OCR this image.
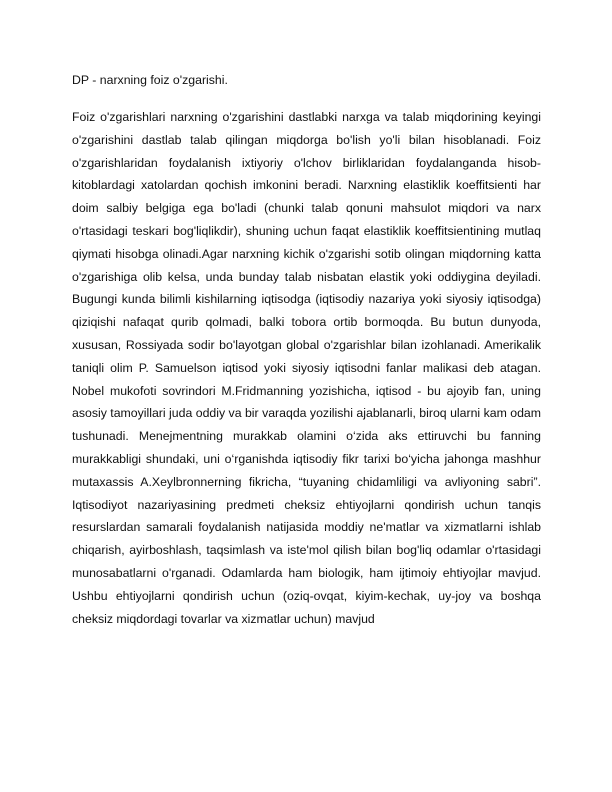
DP - narxning foiz o'zgarishi.

Foiz o'zgarishlari narxning o'zgarishini dastlabki narxga va talab miqdorining keyingi o'zgarishini dastlab talab qilingan miqdorga bo'lish yo'li bilan hisoblanadi. Foiz o'zgarishlaridan foydalanish ixtiyoriy o'lchov birliklaridan foydalanganda hisob-kitoblardagi xatolardan qochish imkonini beradi. Narxning elastiklik koeffitsienti har doim salbiy belgiga ega bo'ladi (chunki talab qonuni mahsulot miqdori va narx o'rtasidagi teskari bog'liqlikdir), shuning uchun faqat elastiklik koeffitsientining mutlaq qiymati hisobga olinadi.Agar narxning kichik o'zgarishi sotib olingan miqdorning katta o'zgarishiga olib kelsa, unda bunday talab nisbatan elastik yoki oddiygina deyiladi. Bugungi kunda bilimli kishilarning iqtisodga (iqtisodiy nazariya yoki siyosiy iqtisodga) qiziqishi nafaqat qurib qolmadi, balki tobora ortib bormoqda. Bu butun dunyoda, xususan, Rossiyada sodir bo'layotgan global o'zgarishlar bilan izohlanadi. Amerikalik taniqli olim P. Samuelson iqtisod yoki siyosiy iqtisodni fanlar malikasi deb atagan. Nobel mukofoti sovrindori M.Fridmanning yozishicha, iqtisod - bu ajoyib fan, uning asosiy tamoyillari juda oddiy va bir varaqda yozilishi ajablanarli, biroq ularni kam odam tushunadi. Menejmentning murakkab olamini o‘zida aks ettiruvchi bu fanning murakkabligi shundaki, uni o‘rganishda iqtisodiy fikr tarixi bo‘yicha jahonga mashhur mutaxassis A.Xeylbronnerning fikricha, “tuyaning chidamliligi va avliyoning sabri”. Iqtisodiyot nazariyasining predmeti cheksiz ehtiyojlarni qondirish uchun tanqis resurslardan samarali foydalanish natijasida moddiy ne'matlar va xizmatlarni ishlab chiqarish, ayirboshlash, taqsimlash va iste'mol qilish bilan bog'liq odamlar o'rtasidagi munosabatlarni o'rganadi. Odamlarda ham biologik, ham ijtimoiy ehtiyojlar mavjud. Ushbu ehtiyojlarni qondirish uchun (oziq-ovqat, kiyim-kechak, uy-joy va boshqa cheksiz miqdordagi tovarlar va xizmatlar uchun) mavjud
